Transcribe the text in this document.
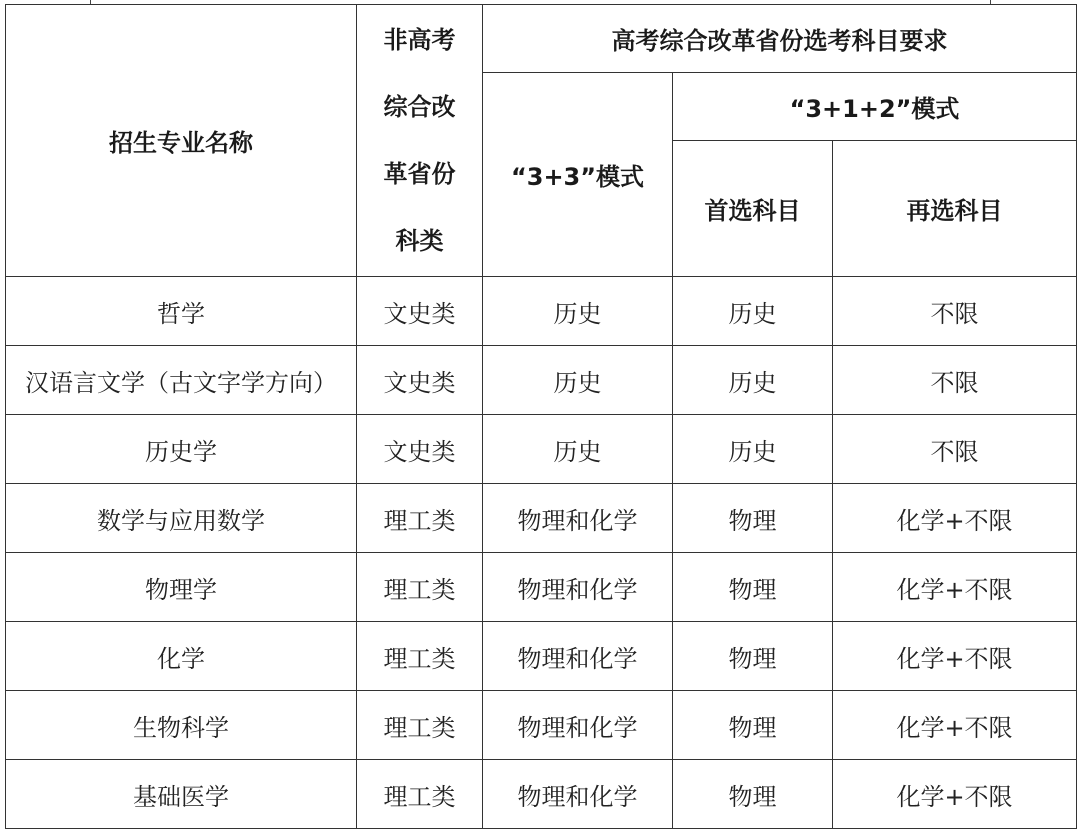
招生专业名称	非高考
综合改
革省份
科类	高考综合改革省份选考科目要求		
		“3+3”模式	“3+1+2”模式	
			首选科目	再选科目

哲学	文史类	历史	历史	不限
汉语言文学（古文字学方向）	文史类	历史	历史	不限
历史学	文史类	历史	历史	不限
数学与应用数学	理工类	物理和化学	物理	化学+不限
物理学	理工类	物理和化学	物理	化学+不限
化学	理工类	物理和化学	物理	化学+不限
生物科学	理工类	物理和化学	物理	化学+不限
基础医学	理工类	物理和化学	物理	化学+不限
